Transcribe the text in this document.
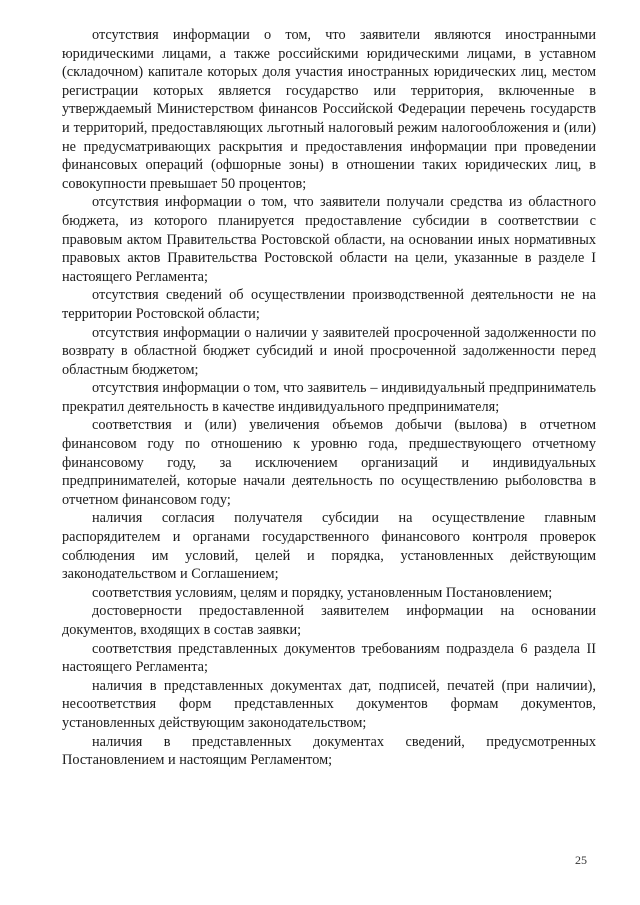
отсутствия информации о том, что заявители являются иностранными юридическими лицами, а также российскими юридическими лицами, в уставном (складочном) капитале которых доля участия иностранных юридических лиц, местом регистрации которых является государство или территория, включенные в утверждаемый Министерством финансов Российской Федерации перечень государств и территорий, предоставляющих льготный налоговый режим налогообложения и (или) не предусматривающих раскрытия и предоставления информации при проведении финансовых операций (офшорные зоны) в отношении таких юридических лиц, в совокупности превышает 50 процентов;

отсутствия информации о том, что заявители получали средства из областного бюджета, из которого планируется предоставление субсидии в соответствии с правовым актом Правительства Ростовской области, на основании иных нормативных правовых актов Правительства Ростовской области на цели, указанные в разделе I настоящего Регламента;

отсутствия сведений об осуществлении производственной деятельности не на территории Ростовской области;

отсутствия информации о наличии у заявителей просроченной задолженности по возврату в областной бюджет субсидий и иной просроченной задолженности перед областным бюджетом;

отсутствия информации о том, что заявитель – индивидуальный предприниматель прекратил деятельность в качестве индивидуального предпринимателя;

соответствия и (или) увеличения объемов добычи (вылова) в отчетном финансовом году по отношению к уровню года, предшествующего отчетному финансовому году, за исключением организаций и индивидуальных предпринимателей, которые начали деятельность по осуществлению рыболовства в отчетном финансовом году;

наличия согласия получателя субсидии на осуществление главным распорядителем и органами государственного финансового контроля проверок соблюдения им условий, целей и порядка, установленных действующим законодательством и Соглашением;

соответствия условиям, целям и порядку, установленным Постановлением;

достоверности предоставленной заявителем информации на основании документов, входящих в состав заявки;

соответствия представленных документов требованиям подраздела 6 раздела II настоящего Регламента;

наличия в представленных документах дат, подписей, печатей (при наличии), несоответствия форм представленных документов формам документов, установленных действующим законодательством;

наличия в представленных документах сведений, предусмотренных Постановлением и настоящим Регламентом;

25
